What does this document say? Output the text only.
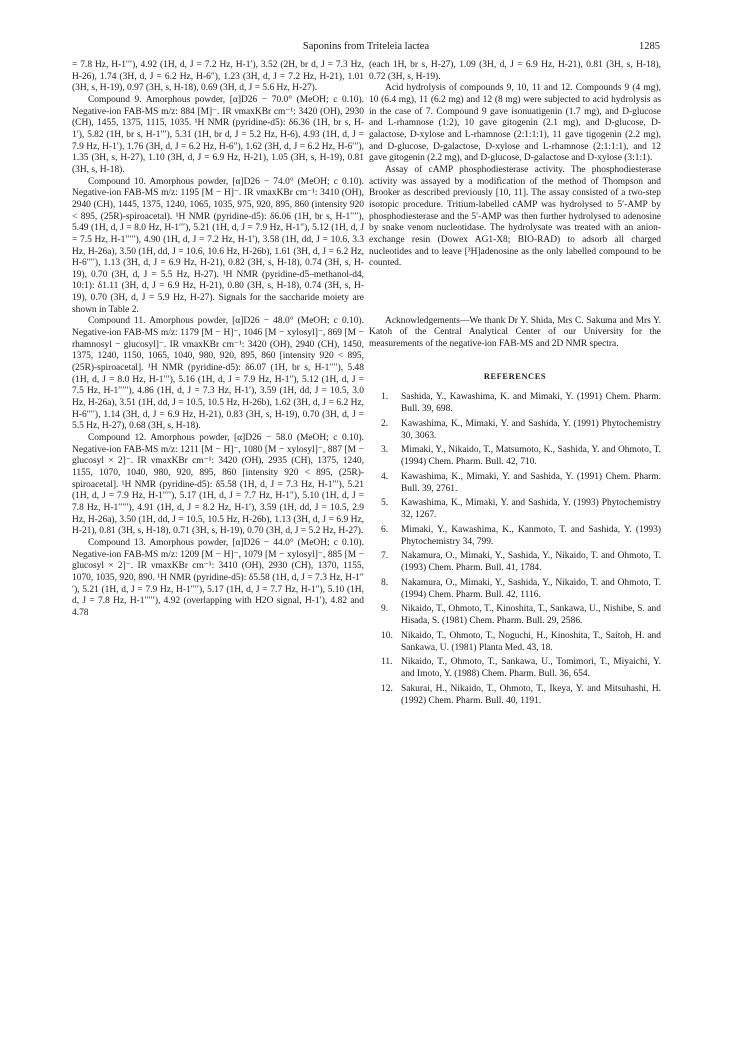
Saponins from Triteleia lactea	1285

= 7.8 Hz, H-1′′′), 4.92 (1H, d, J = 7.2 Hz, H-1′), 3.52 (2H, br d, J = 7.3 Hz, H-26), 1.74 (3H, d, J = 6.2 Hz, H-6″), 1.23 (3H, d, J = 7.2 Hz, H-21), 1.01 (3H, s, H-19), 0.97 (3H, s, H-18), 0.69 (3H, d, J = 5.6 Hz, H-27).

Compound 9. Amorphous powder, [α]D26 − 70.0° (MeOH; c 0.10). Negative-ion FAB-MS m/z: 884 [M]⁻. IR νmaxKBr cm⁻¹: 3420 (OH), 2930 (CH), 1455, 1375, 1115, 1035. ¹H NMR (pyridine-d5): δ6.36 (1H, br s, H-1′), 5.82 (1H, br s, H-1′′′), 5.31 (1H, br d, J = 5.2 Hz, H-6), 4.93 (1H, d, J = 7.9 Hz, H-1′), 1.76 (3H, d, J = 6.2 Hz, H-6″), 1.62 (3H, d, J = 6.2 Hz, H-6′′′), 1.35 (3H, s, H-27), 1.10 (3H, d, J = 6.9 Hz, H-21), 1.05 (3H, s, H-19), 0.81 (3H, s, H-18).

Compound 10. Amorphous powder, [α]D26 − 74.0° (MeOH; c 0.10). Negative-ion FAB-MS m/z: 1195 [M − H]⁻. IR νmaxKBr cm⁻¹: 3410 (OH), 2940 (CH), 1445, 1375, 1240, 1065, 1035, 975, 920, 895, 860 (intensity 920 < 895, (25R)-spiroacetal). ¹H NMR (pyridine-d5): δ6.06 (1H, br s, H-1′′′′), 5.49 (1H, d, J = 8.0 Hz, H-1′′′), 5.21 (1H, d, J = 7.9 Hz, H-1″), 5.12 (1H, d, J = 7.5 Hz, H-1′′′′′), 4.90 (1H, d, J = 7.2 Hz, H-1′), 3.58 (1H, dd, J = 10.6, 3.3 Hz, H-26a), 3.50 (1H, dd, J = 10.6, 10.6 Hz, H-26b), 1.61 (3H, d, J = 6.2 Hz, H-6′′′′), 1.13 (3H, d, J = 6.9 Hz, H-21), 0.82 (3H, s, H-18), 0.74 (3H, s, H-19), 0.70 (3H, d, J = 5.5 Hz, H-27). ¹H NMR (pyridine-d5–methanol-d4, 10:1): δ1.11 (3H, d, J = 6.9 Hz, H-21), 0.80 (3H, s, H-18), 0.74 (3H, s, H-19), 0.70 (3H, d, J = 5.9 Hz, H-27). Signals for the saccharide moiety are shown in Table 2.

Compound 11. Amorphous powder, [α]D26 − 48.0° (MeOH; c 0.10). Negative-ion FAB-MS m/z: 1179 [M − H]⁻, 1046 [M − xylosyl]⁻, 869 [M − rhamnosyl − glucosyl]⁻. IR νmaxKBr cm⁻¹: 3420 (OH), 2940 (CH), 1450, 1375, 1240, 1150, 1065, 1040, 980, 920, 895, 860 [intensity 920 < 895, (25R)-spiroacetal]. ¹H NMR (pyridine-d5): δ6.07 (1H, br s, H-1′′′′), 5.48 (1H, d, J = 8.0 Hz, H-1′′′), 5.16 (1H, d, J = 7.9 Hz, H-1″), 5.12 (1H, d, J = 7.5 Hz, H-1′′′′′), 4.86 (1H, d, J = 7.3 Hz, H-1′), 3.59 (1H, dd, J = 10.5, 3.0 Hz, H-26a), 3.51 (1H, dd, J = 10.5, 10.5 Hz, H-26b), 1.62 (3H, d, J = 6.2 Hz, H-6′′′′), 1.14 (3H, d, J = 6.9 Hz, H-21), 0.83 (3H, s, H-19), 0.70 (3H, d, J = 5.5 Hz, H-27), 0.68 (3H, s, H-18).

Compound 12. Amorphous powder, [α]D26 − 58.0 (MeOH; c 0.10). Negative-ion FAB-MS m/z: 1211 [M − H]⁻, 1080 [M − xylosyl]⁻, 887 [M − glucosyl × 2]⁻. IR νmaxKBr cm⁻¹: 3420 (OH), 2935 (CH), 1375, 1240, 1155, 1070, 1040, 980, 920, 895, 860 [intensity 920 < 895, (25R)-spiroacetal]. ¹H NMR (pyridine-d5): δ5.58 (1H, d, J = 7.3 Hz, H-1′′′), 5.21 (1H, d, J = 7.9 Hz, H-1′′′′), 5.17 (1H, d, J = 7.7 Hz, H-1″), 5.10 (1H, d, J = 7.8 Hz, H-1′′′′′), 4.91 (1H, d, J = 8.2 Hz, H-1′), 3.59 (1H, dd, J = 10.5, 2.9 Hz, H-26a), 3.50 (1H, dd, J = 10.5, 10.5 Hz, H-26b), 1.13 (3H, d, J = 6.9 Hz, H-21), 0.81 (3H, s, H-18), 0.71 (3H, s, H-19), 0.70 (3H, d, J = 5.2 Hz, H-27).

Compound 13. Amorphous powder, [α]D26 − 44.0° (MeOH; c 0.10). Negative-ion FAB-MS m/z: 1209 [M − H]⁻, 1079 [M − xylosyl]⁻, 885 [M − glucosyl × 2]⁻. IR νmaxKBr cm⁻¹: 3410 (OH), 2930 (CH), 1370, 1155, 1070, 1035, 920, 890. ¹H NMR (pyridine-d5): δ5.58 (1H, d, J = 7.3 Hz, H-1′′′), 5.21 (1H, d, J = 7.9 Hz, H-1′′′′), 5.17 (1H, d, J = 7.7 Hz, H-1″), 5.10 (1H, d, J = 7.8 Hz, H-1′′′′′), 4.92 (overlapping with H2O signal, H-1′), 4.82 and 4.78

(each 1H, br s, H-27), 1.09 (3H, d, J = 6.9 Hz, H-21), 0.81 (3H, s, H-18), 0.72 (3H, s, H-19).

Acid hydrolysis of compounds 9, 10, 11 and 12. Compounds 9 (4 mg), 10 (6.4 mg), 11 (6.2 mg) and 12 (8 mg) were subjected to acid hydrolysis as in the case of 7. Compound 9 gave isonuatigenin (1.7 mg), and D-glucose and L-rhamnose (1:2), 10 gave gitogenin (2.1 mg), and D-glucose, D-galactose, D-xylose and L-rhamnose (2:1:1:1), 11 gave tigogenin (2.2 mg), and D-glucose, D-galactose, D-xylose and L-rhamnose (2:1:1:1), and 12 gave gitogenin (2.2 mg), and D-glucose, D-galactose and D-xylose (3:1:1).

Assay of cAMP phosphodiesterase activity. The phosphodiesterase activity was assayed by a modification of the method of Thompson and Brooker as described previously [10, 11]. The assay consisted of a two-step isotopic procedure. Tritium-labelled cAMP was hydrolysed to 5′-AMP by phosphodiesterase and the 5′-AMP was then further hydrolysed to adenosine by snake venom nucleotidase. The hydrolysate was treated with an anion-exchange resin (Dowex AG1-X8; BIO-RAD) to adsorb all charged nucleotides and to leave [³H]adenosine as the only labelled compound to be counted.

Acknowledgements—We thank Dr Y. Shida, Mrs C. Sakuma and Mrs Y. Katoh of the Central Analytical Center of our University for the measurements of the negative-ion FAB-MS and 2D NMR spectra.

REFERENCES
1. Sashida, Y., Kawashima, K. and Mimaki, Y. (1991) Chem. Pharm. Bull. 39, 698.
2. Kawashima, K., Mimaki, Y. and Sashida, Y. (1991) Phytochemistry 30, 3063.
3. Mimaki, Y., Nikaido, T., Matsumoto, K., Sashida, Y. and Ohmoto, T. (1994) Chem. Pharm. Bull. 42, 710.
4. Kawashima, K., Mimaki, Y. and Sashida, Y. (1991) Chem. Pharm. Bull. 39, 2761.
5. Kawashima, K., Mimaki, Y. and Sashida, Y. (1993) Phytochemistry 32, 1267.
6. Mimaki, Y., Kawashima, K., Kanmoto, T. and Sashida, Y. (1993) Phytochemistry 34, 799.
7. Nakamura, O., Mimaki, Y., Sashida, Y., Nikaido, T. and Ohmoto, T. (1993) Chem. Pharm. Bull. 41, 1784.
8. Nakamura, O., Mimaki, Y., Sashida, Y., Nikaido, T. and Ohmoto, T. (1994) Chem. Pharm. Bull. 42, 1116.
9. Nikaido, T., Ohmoto, T., Kinoshita, T., Sankawa, U., Nishibe, S. and Hisada, S. (1981) Chem. Pharm. Bull. 29, 2586.
10. Nikaido, T., Ohmoto, T., Noguchi, H., Kinoshita, T., Saitoh, H. and Sankawa, U. (1981) Planta Med. 43, 18.
11. Nikaido, T., Ohmoto, T., Sankawa, U., Tomimori, T., Miyaichi, Y. and Imoto, Y. (1988) Chem. Pharm. Bull. 36, 654.
12. Sakurai, H., Nikaido, T., Ohmoto, T., Ikeya, Y. and Mitsuhashi, H. (1992) Chem. Pharm. Bull. 40, 1191.
